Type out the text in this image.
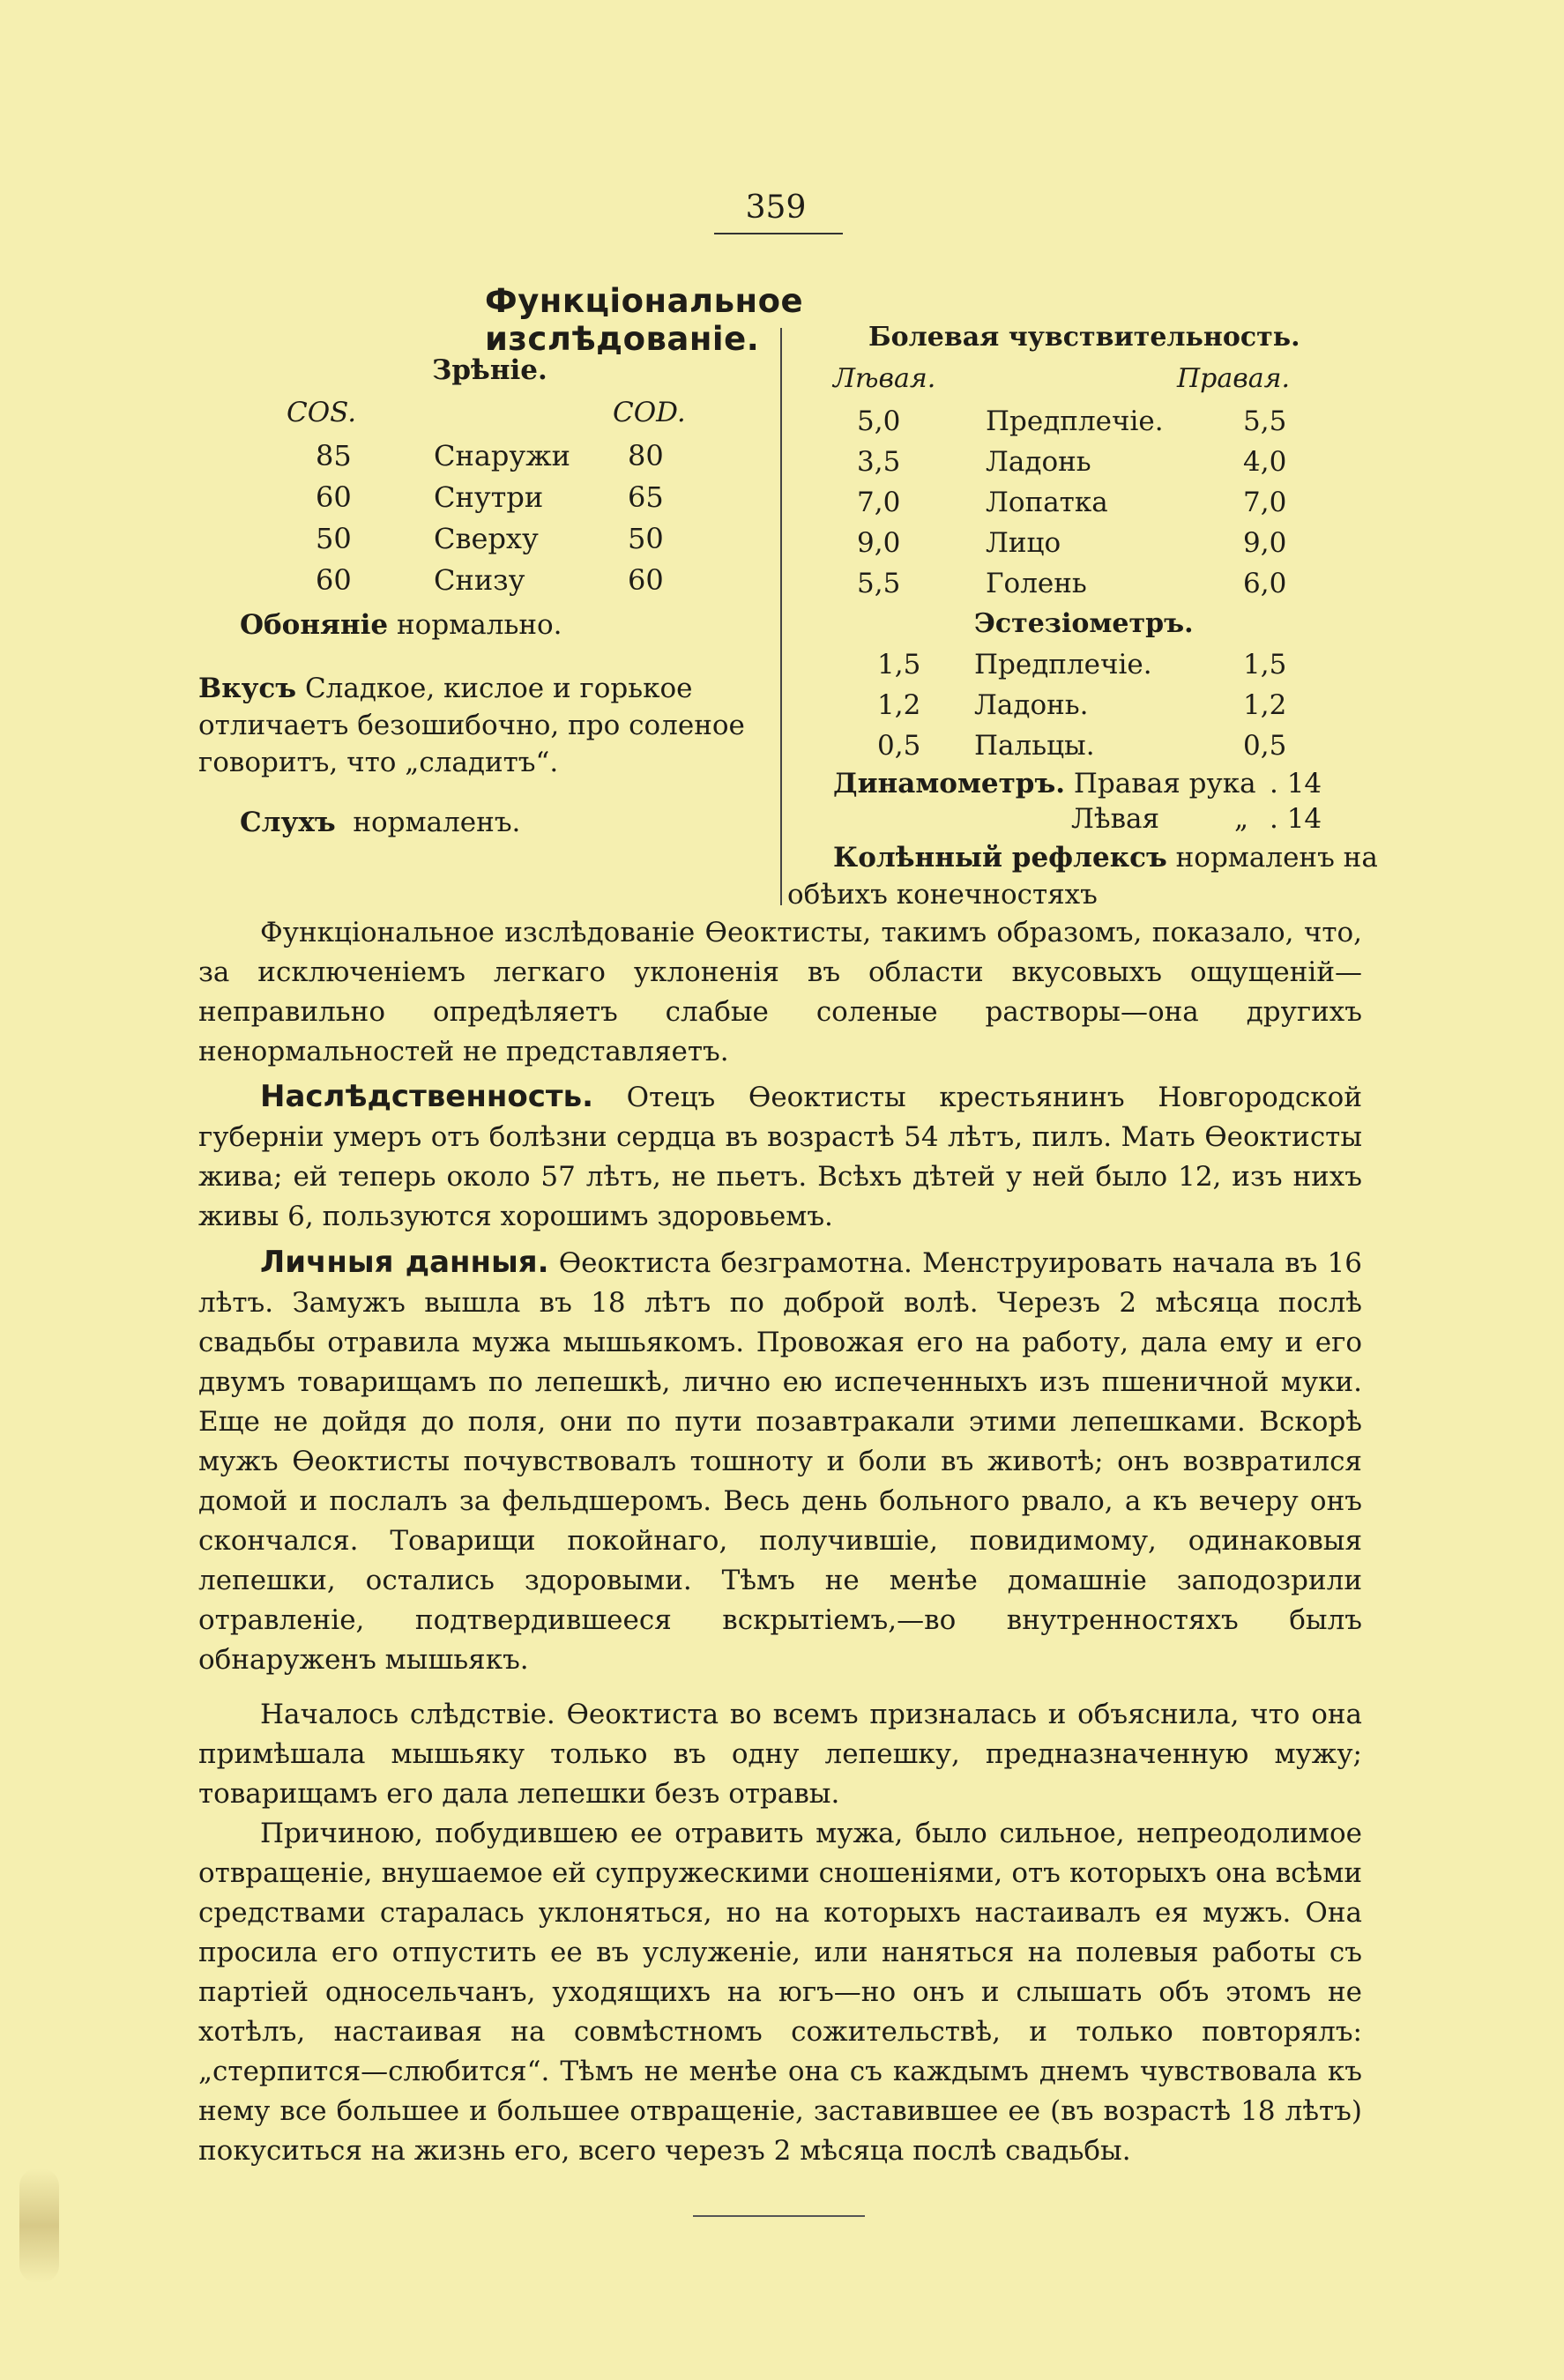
359
Функціональное изслѣдованіе.
Зрѣніе.
COS.	COD.
85	Снаружи 80
60	Снутри	65
50	Сверху	50
60	Снизу	60
Обоняніе нормально.
Вкусъ Сладкое, кислое и горькое
отличаетъ безошибочно, про соленое
говоритъ, что „сладитъ“.
Слухъ  нормаленъ.
Болевая чувствительность.
Лѣвая.	Правая.
5,0	Предплечіе.	5,5
3,5	Ладонь	4,0
7,0	Лопатка	7,0
9,0	Лицо	9,0
5,5	Голень	6,0
Эстезіометръ.
1,5 Предплечіе.	1,5
1,2 Ладонь.	1,2
0,5 Пальцы.	0,5
Динамометръ. Правая рука . 14
Лѣвая	„ . 14
Колѣнный рефлексъ нормаленъ на
обѣихъ конечностяхъ
Функціональное изслѣдованіе Өеоктисты, такимъ образомъ, показало, что, за исключеніемъ легкаго уклоненія въ области вкусовыхъ ощущеній—неправильно опредѣляетъ слабые соленые растворы—она другихъ ненормальностей не представляетъ.
Наслѣдственность. Отецъ Өеоктисты крестьянинъ Новгородской губерніи умеръ отъ болѣзни сердца въ возрастѣ 54 лѣтъ, пилъ. Мать Өеоктисты жива; ей теперь около 57 лѣтъ, не пьетъ. Всѣхъ дѣтей у ней было 12, изъ нихъ живы 6, пользуются хорошимъ здоровьемъ.
Личныя данныя. Өеоктиста безграмотна. Менструировать начала въ 16 лѣтъ. Замужъ вышла въ 18 лѣтъ по доброй волѣ. Черезъ 2 мѣсяца послѣ свадьбы отравила мужа мышьякомъ. Провожая его на работу, дала ему и его двумъ товарищамъ по лепешкѣ, лично ею испеченныхъ изъ пшеничной муки. Еще не дойдя до поля, они по пути позавтракали этими лепешками. Вскорѣ мужъ Өеоктисты почувствовалъ тошноту и боли въ животѣ; онъ возвратился домой и послалъ за фельдшеромъ. Весь день больного рвало, а къ вечеру онъ скончался. Товарищи покойнаго, получившіе, повидимому, одинаковыя лепешки, остались здоровыми. Тѣмъ не менѣе домашніе заподозрили отравленіе, подтвердившееся вскрытіемъ,—во внутренностяхъ былъ обнаруженъ мышьякъ.
Началось слѣдствіе. Өеоктиста во всемъ призналась и объяснила, что она примѣшала мышьяку только въ одну лепешку, предназначенную мужу; товарищамъ его дала лепешки безъ отравы.
Причиною, побудившею ее отравить мужа, было сильное, непреодолимое отвращеніе, внушаемое ей супружескими сношеніями, отъ которыхъ она всѣми средствами старалась уклоняться, но на которыхъ настаивалъ ея мужъ. Она просила его отпустить ее въ услуженіе, или наняться на полевыя работы съ партіей односельчанъ, уходящихъ на югъ—но онъ и слышать объ этомъ не хотѣлъ, настаивая на совмѣстномъ сожительствѣ, и только повторялъ: „стерпится—слюбится“. Тѣмъ не менѣе она съ каждымъ днемъ чувствовала къ нему все большее и большее отвращеніе, заставившее ее (въ возрастѣ 18 лѣтъ) покуситься на жизнь его, всего черезъ 2 мѣсяца послѣ свадьбы.
